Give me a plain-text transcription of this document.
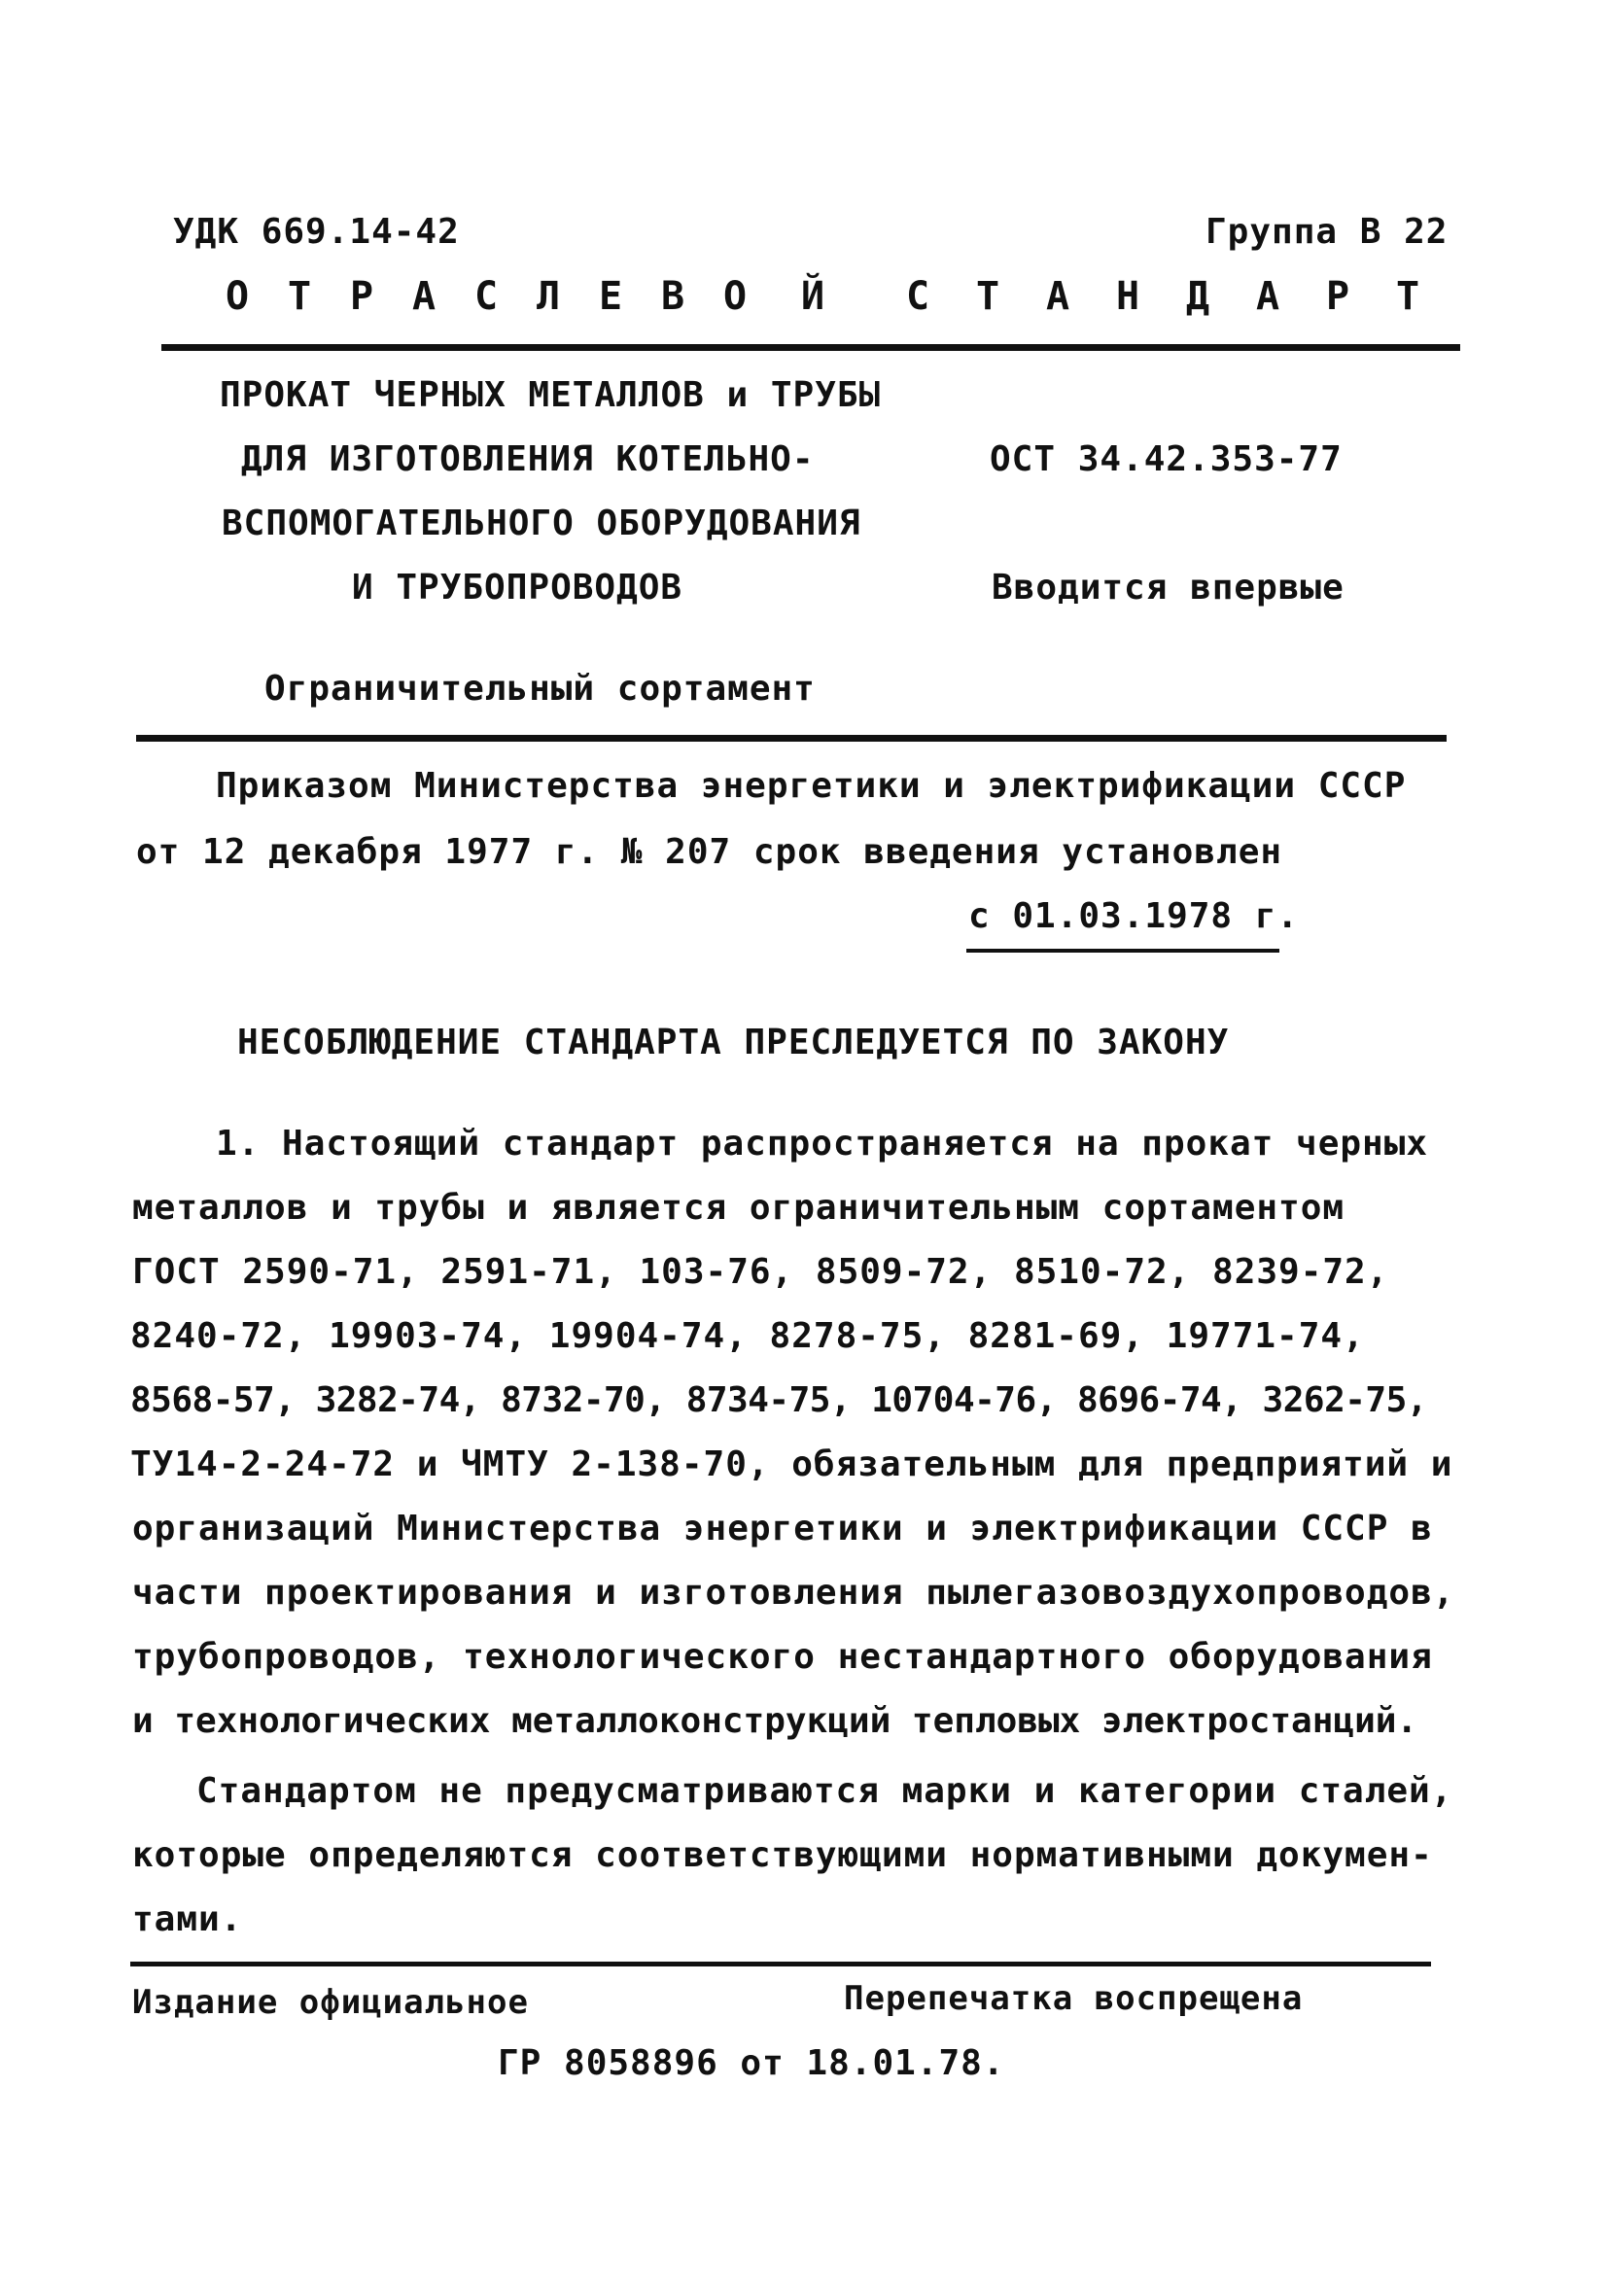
УДК 669.14-42	Группа В 22
О Т Р А С Л Е В О Й С Т А Н Д А Р Т
ПРОКАТ ЧЕРНЫХ МЕТАЛЛОВ и ТРУБЫ
ДЛЯ ИЗГОТОВЛЕНИЯ КОТЕЛЬНО-
ВСПОМОГАТЕЛЬНОГО ОБОРУДОВАНИЯ
И ТРУБОПРОВОДОВ
ОСТ 34.42.353-77
Вводится впервые
Ограничительный сортамент
Приказом Министерства энергетики и электрификации СССР
от 12 декабря 1977 г. № 207 срок введения установлен
с 01.03.1978 г.
НЕСОБЛЮДЕНИЕ СТАНДАРТА ПРЕСЛЕДУЕТСЯ ПО ЗАКОНУ
1. Настоящий стандарт распространяется на прокат черных
металлов и трубы и является ограничительным сортаментом
ГОСТ 2590-71, 2591-71, 103-76, 8509-72, 8510-72, 8239-72,
8240-72, 19903-74, 19904-74, 8278-75, 8281-69, 19771-74,
8568-57, 3282-74, 8732-70, 8734-75, 10704-76, 8696-74, 3262-75,
ТУ14-2-24-72 и ЧМТУ 2-138-70, обязательным для предприятий и
организаций Министерства энергетики и электрификации СССР в
части проектирования и изготовления пылегазовоздухопроводов,
трубопроводов, технологического нестандартного оборудования
и технологических металлоконструкций тепловых электростанций.
Стандартом не предусматриваются марки и категории сталей,
которые определяются соответствующими нормативными докумен-
тами.
Издание официальное	Перепечатка воспрещена
ГР 8058896 от 18.01.78.
